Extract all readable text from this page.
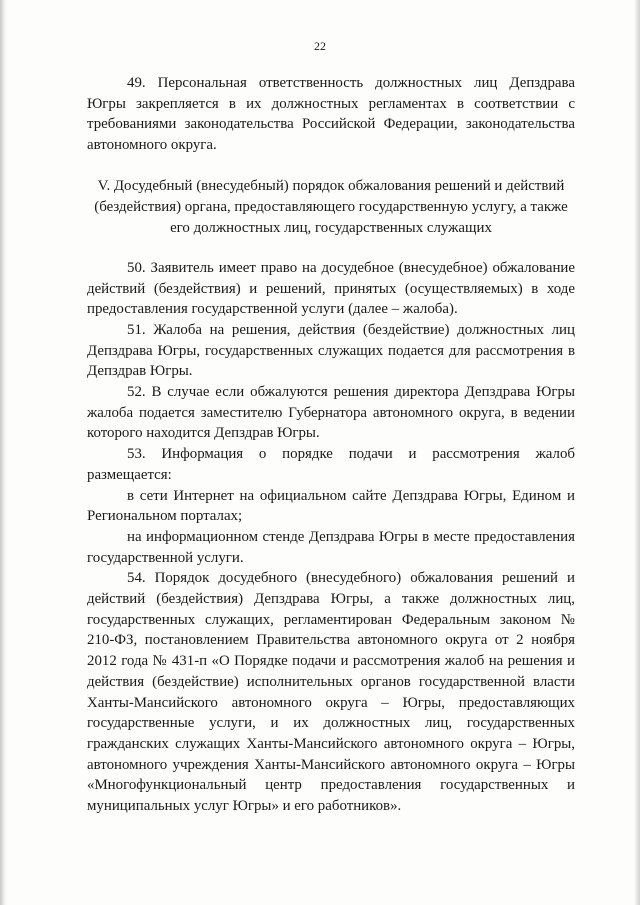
22

49. Персональная ответственность должностных лиц Депздрава Югры закрепляется в их должностных регламентах в соответствии с требованиями законодательства Российской Федерации, законодательства автономного округа.

V. Досудебный (внесудебный) порядок обжалования решений и действий (бездействия) органа, предоставляющего государственную услугу, а также его должностных лиц, государственных служащих

50. Заявитель имеет право на досудебное (внесудебное) обжалование действий (бездействия) и решений, принятых (осуществляемых) в ходе предоставления государственной услуги (далее – жалоба).

51. Жалоба на решения, действия (бездействие) должностных лиц Депздрава Югры, государственных служащих подается для рассмотрения в Депздрав Югры.

52. В случае если обжалуются решения директора Депздрава Югры жалоба подается заместителю Губернатора автономного округа, в ведении которого находится Депздрав Югры.

53. Информация о порядке подачи и рассмотрения жалоб размещается:

в сети Интернет на официальном сайте Депздрава Югры, Едином и Региональном порталах;

на информационном стенде Депздрава Югры в месте предоставления государственной услуги.

54. Порядок досудебного (внесудебного) обжалования решений и действий (бездействия) Депздрава Югры, а также должностных лиц, государственных служащих, регламентирован Федеральным законом № 210-ФЗ, постановлением Правительства автономного округа от 2 ноября 2012 года № 431-п «О Порядке подачи и рассмотрения жалоб на решения и действия (бездействие) исполнительных органов государственной власти Ханты-Мансийского автономного округа – Югры, предоставляющих государственные услуги, и их должностных лиц, государственных гражданских служащих Ханты-Мансийского автономного округа – Югры, автономного учреждения Ханты-Мансийского автономного округа – Югры «Многофункциональный центр предоставления государственных и муниципальных услуг Югры» и его работников».
